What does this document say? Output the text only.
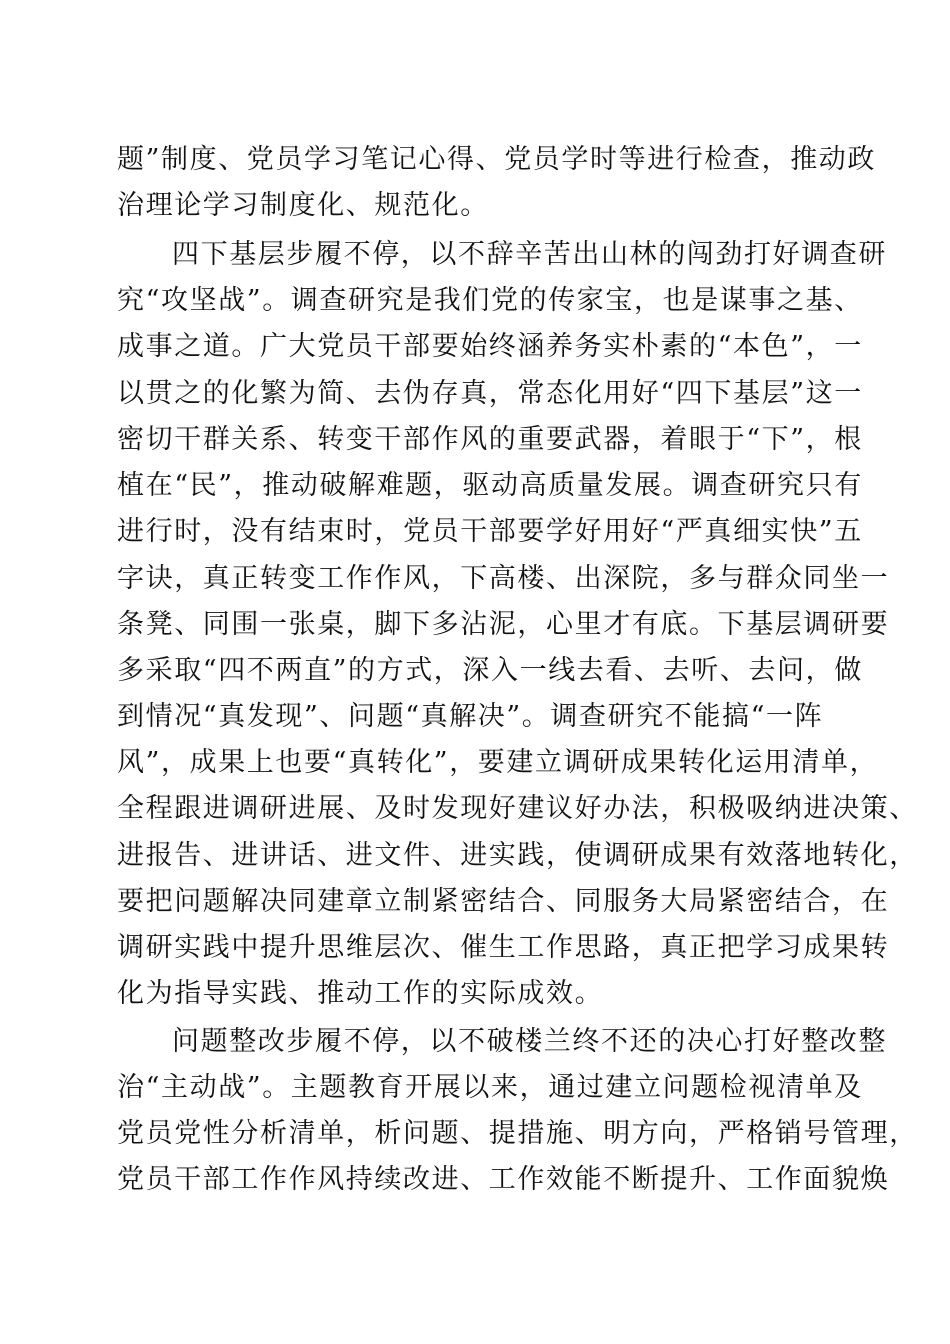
题”制度、党员学习笔记心得、党员学时等进行检查，推动政
治理论学习制度化、规范化。
四下基层步履不停，以不辞辛苦出山林的闯劲打好调查研
究“攻坚战”。调查研究是我们党的传家宝，也是谋事之基、
成事之道。广大党员干部要始终涵养务实朴素的“本色”，一
以贯之的化繁为简、去伪存真，常态化用好“四下基层”这一
密切干群关系、转变干部作风的重要武器，着眼于“下”，根
植在“民”，推动破解难题，驱动高质量发展。调查研究只有
进行时，没有结束时，党员干部要学好用好“严真细实快”五
字诀，真正转变工作作风，下高楼、出深院，多与群众同坐一
条凳、同围一张桌，脚下多沾泥，心里才有底。下基层调研要
多采取“四不两直”的方式，深入一线去看、去听、去问，做
到情况“真发现”、问题“真解决”。调查研究不能搞“一阵
风”，成果上也要“真转化”，要建立调研成果转化运用清单，
全程跟进调研进展、及时发现好建议好办法，积极吸纳进决策、
进报告、进讲话、进文件、进实践，使调研成果有效落地转化，
要把问题解决同建章立制紧密结合、同服务大局紧密结合，在
调研实践中提升思维层次、催生工作思路，真正把学习成果转
化为指导实践、推动工作的实际成效。
问题整改步履不停，以不破楼兰终不还的决心打好整改整
治“主动战”。主题教育开展以来，通过建立问题检视清单及
党员党性分析清单，析问题、提措施、明方向，严格销号管理，
党员干部工作作风持续改进、工作效能不断提升、工作面貌焕
